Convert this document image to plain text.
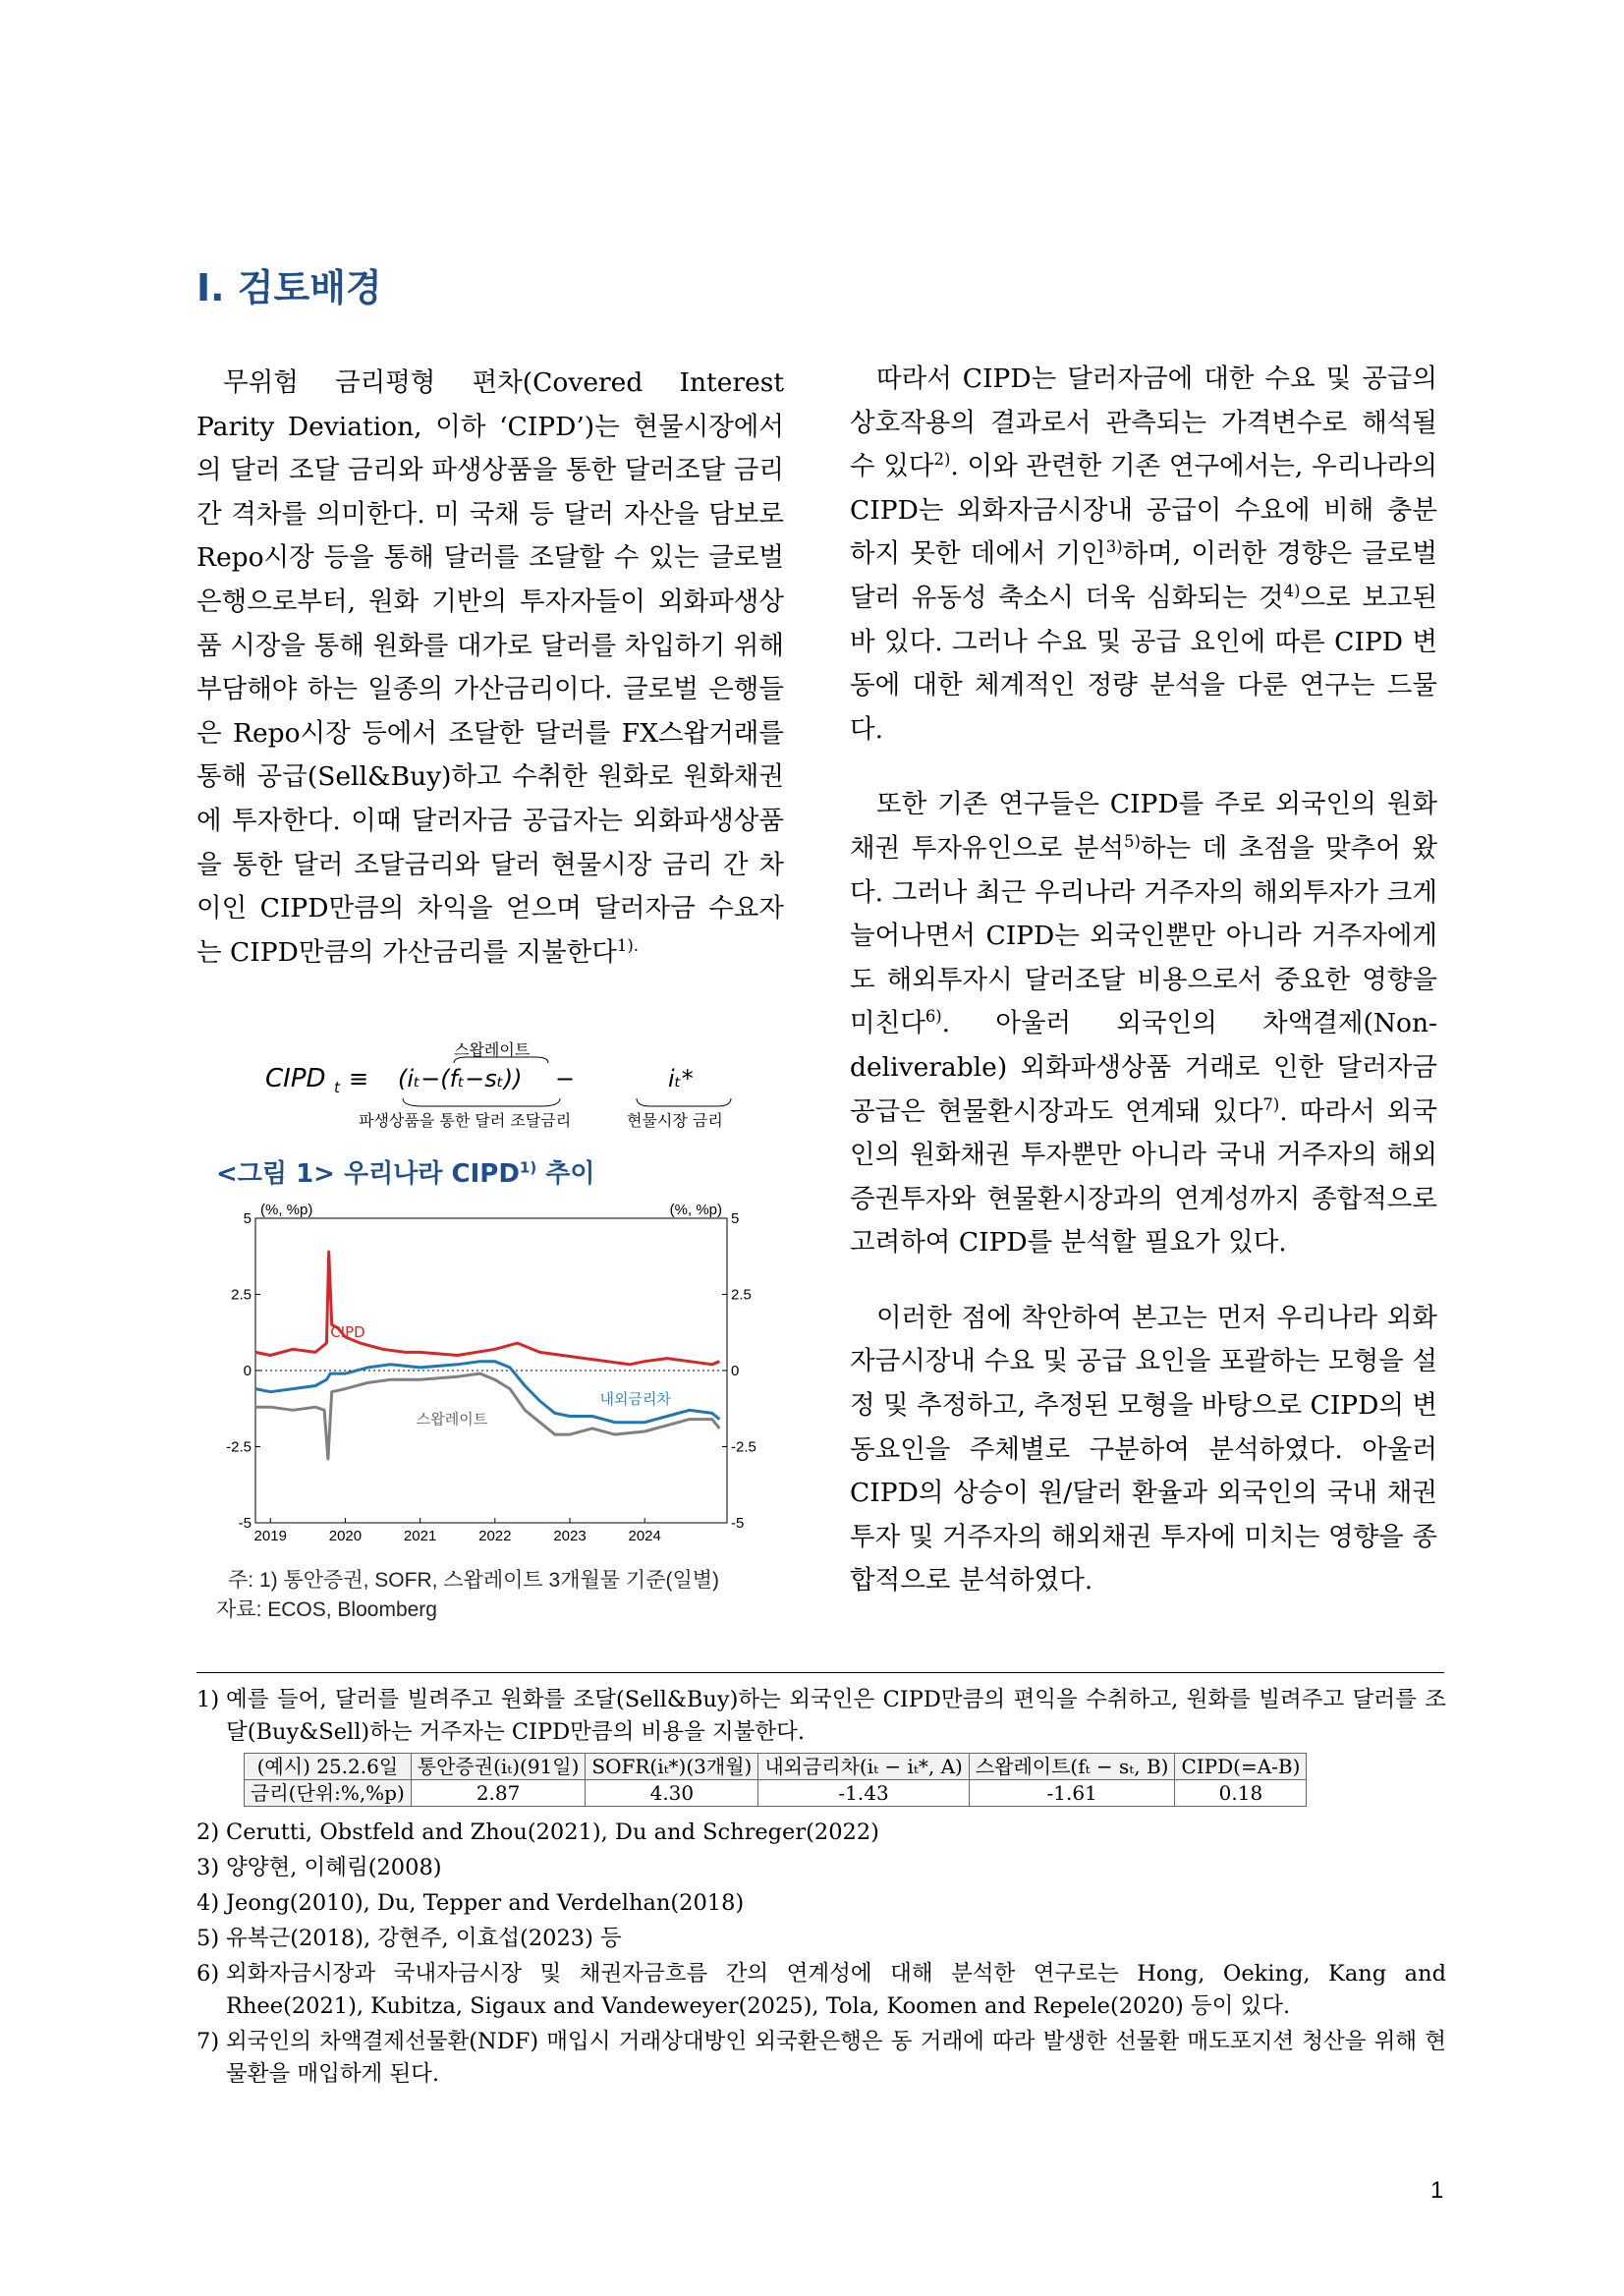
Ⅰ. 검토배경

무위험 금리평형 편차(Covered Interest Parity Deviation, 이하 ‘CIPD’)는 현물시장에서의 달러 조달 금리와 파생상품을 통한 달러조달 금리 간 격차를 의미한다. 미 국채 등 달러 자산을 담보로 Repo시장 등을 통해 달러를 조달할 수 있는 글로벌 은행으로부터, 원화 기반의 투자자들이 외화파생상품 시장을 통해 원화를 대가로 달러를 차입하기 위해 부담해야 하는 일종의 가산금리이다. 글로벌 은행들은 Repo시장 등에서 조달한 달러를 FX스왑거래를 통해 공급(Sell&Buy)하고 수취한 원화로 원화채권에 투자한다. 이때 달러자금 공급자는 외화파생상품을 통한 달러 조달금리와 달러 현물시장 금리 간 차이인 CIPD만큼의 차익을 얻으며 달러자금 수요자는 CIPD만큼의 가산금리를 지불한다$^{1).}$

CIPD t ≡ (iₜ−(fₜ−sₜ)) −	iₜ*
스왑레이트
파생상품을 통한 달러 조달금리	현물시장 금리
<그림 1> 우리나라 CIPD$^{1)}$ 추이
5	5
2.5	2.5
0	0
-2.5	-2.5
-5	-5
2019	2020	2021	2022	2023	2024
(%, %p)	(%, %p)
CIPD
스왑레이트
내외금리차

주: 1) 통안증권, SOFR, 스왑레이트 3개월물 기준(일별)

자료: ECOS, Bloomberg

따라서 CIPD는 달러자금에 대한 수요 및 공급의 상호작용의 결과로서 관측되는 가격변수로 해석될 수 있다$^{2)}$. 이와 관련한 기존 연구에서는, 우리나라의 CIPD는 외화자금시장내 공급이 수요에 비해 충분하지 못한 데에서 기인$^{3)}$하며, 이러한 경향은 글로벌 달러 유동성 축소시 더욱 심화되는 것$^{4)}$으로 보고된 바 있다. 그러나 수요 및 공급 요인에 따른 CIPD 변동에 대한 체계적인 정량 분석을 다룬 연구는 드물다.

또한 기존 연구들은 CIPD를 주로 외국인의 원화채권 투자유인으로 분석$^{5)}$하는 데 초점을 맞추어 왔다. 그러나 최근 우리나라 거주자의 해외투자가 크게 늘어나면서 CIPD는 외국인뿐만 아니라 거주자에게도 해외투자시 달러조달 비용으로서 중요한 영향을 미친다$^{6)}$. 아울러 외국인의 차액결제(Non-deliverable) 외화파생상품 거래로 인한 달러자금 공급은 현물환시장과도 연계돼 있다$^{7)}$. 따라서 외국인의 원화채권 투자뿐만 아니라 국내 거주자의 해외증권투자와 현물환시장과의 연계성까지 종합적으로 고려하여 CIPD를 분석할 필요가 있다.

이러한 점에 착안하여 본고는 먼저 우리나라 외화자금시장내 수요 및 공급 요인을 포괄하는 모형을 설정 및 추정하고, 추정된 모형을 바탕으로 CIPD의 변동요인을 주체별로 구분하여 분석하였다. 아울러 CIPD의 상승이 원/달러 환율과 외국인의 국내 채권투자 및 거주자의 해외채권 투자에 미치는 영향을 종합적으로 분석하였다.

1) 예를 들어, 달러를 빌려주고 원화를 조달(Sell&Buy)하는 외국인은 CIPD만큼의 편익을 수취하고, 원화를 빌려주고 달러를 조달(Buy&Sell)하는 거주자는 CIPD만큼의 비용을 지불한다.
(예시) 25.2.6일	통안증권(iₜ)(91일)	SOFR(iₜ*)(3개월)	내외금리차(iₜ − iₜ*, A)	스왑레이트(fₜ − sₜ, B)	CIPD(=A-B)
금리(단위:%,%p)	2.87	4.30	-1.43	-1.61	0.18
2) Cerutti, Obstfeld and Zhou(2021), Du and Schreger(2022)
3) 양양현, 이혜림(2008)
4) Jeong(2010), Du, Tepper and Verdelhan(2018)
5) 유복근(2018), 강현주, 이효섭(2023) 등
6) 외화자금시장과 국내자금시장 및 채권자금흐름 간의 연계성에 대해 분석한 연구로는 Hong, Oeking, Kang and Rhee(2021), Kubitza, Sigaux and Vandeweyer(2025), Tola, Koomen and Repele(2020) 등이 있다.
7) 외국인의 차액결제선물환(NDF) 매입시 거래상대방인 외국환은행은 동 거래에 따라 발생한 선물환 매도포지션 청산을 위해 현물환을 매입하게 된다.
1
